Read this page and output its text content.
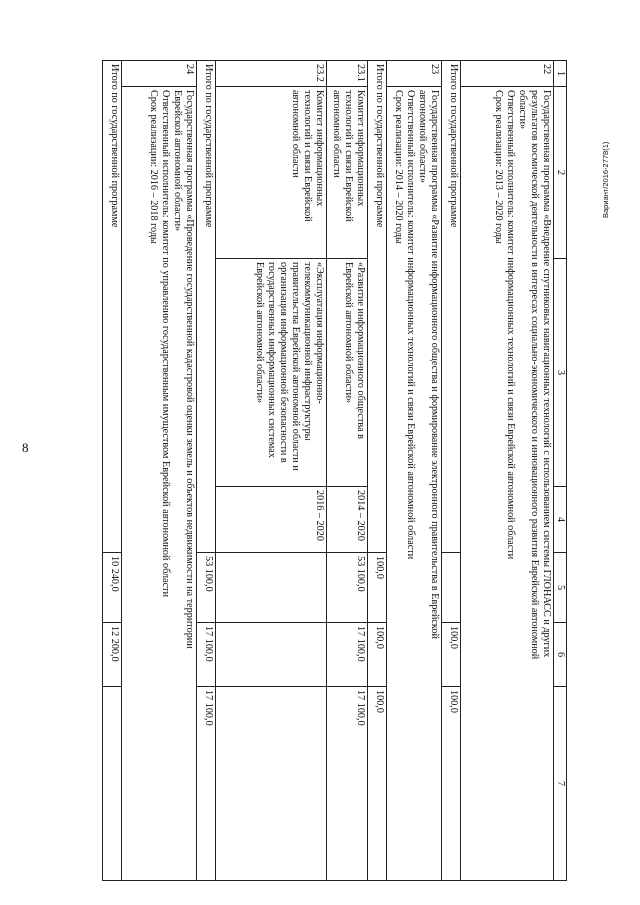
8
Вариант/2016-2778(1)
1	2	3	4	5	6	7
22	Государственная программа «Внедрение спутниковых навигационных технологий с использованием системы ГЛОНАСС и других
результатов космической деятельности в интересах социально-экономического и инновационного развития Еврейской автономной
области»
Ответственный исполнитель: комитет информационных технологий и связи Еврейской автономной области
Срок реализации: 2013 – 2020 годы					

Итого по государственной программе					100,0	100,0
23	Государственная программа «Развитие информационного общества и формирование электронного правительства в Еврейской
автономной области»
Ответственный исполнитель: комитет информационных технологий и связи Еврейской автономной области
Срок реализации: 2014 – 2020 годы					

Итого по государственной программе				100,0	100,0	100,0
23.1	Комитет информационных технологий и связи Еврейской автономной области	«Развитие информационного общества в Еврейской автономной области»	2014 – 2020	53 100,0	17 100,0	17 100,0
23.2	Комитет информационных технологий и связи Еврейской автономной области	«Эксплуатация информационно-телекоммуникационной инфраструктуры правительства Еврейской автономной области и организация информационной безопасности в государственных информационных системах Еврейской автономной области»	2016 – 2020			
Итого по государственной программе				53 100,0	17 100,0	17 100,0
24	Государственная программа «Проведение государственной кадастровой оценки земель и объектов недвижимости на территории
Еврейской автономной области»
Ответственный исполнитель: комитет по управлению государственным имуществом Еврейской автономной области
Срок реализации: 2016 – 2018 годы					

Итого по государственной программе				10 240,0	12 200,0	
